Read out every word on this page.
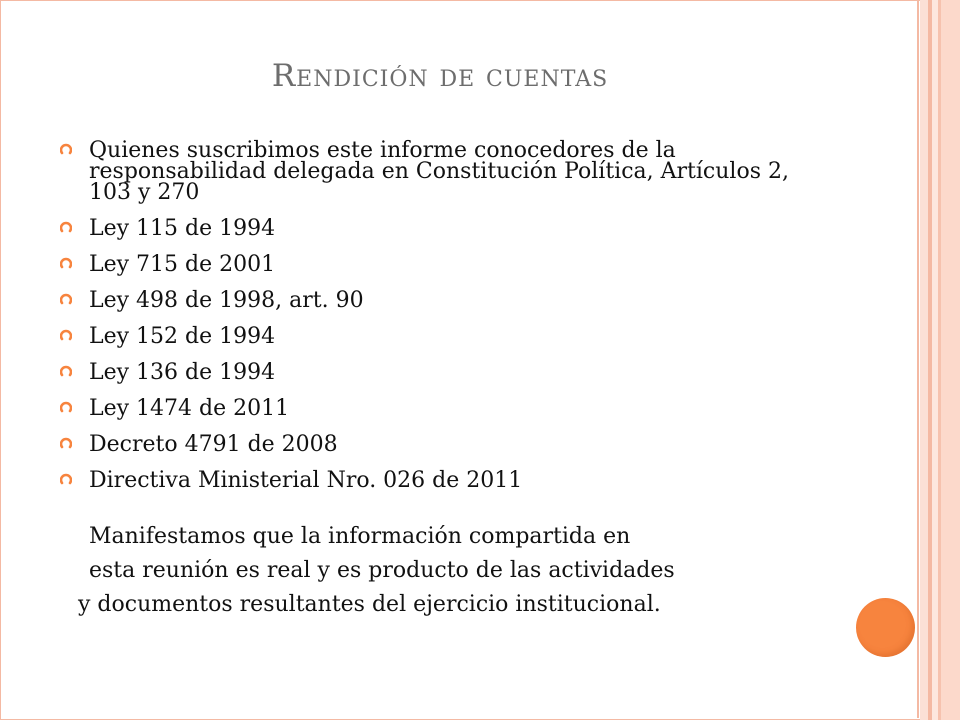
Rendición de cuentas
Quienes suscribimos este informe conocedores de la responsabilidad delegada en Constitución Política, Artículos 2, 103 y 270
Ley 115 de 1994
Ley 715 de 2001
Ley 498 de 1998, art. 90
Ley 152 de 1994
Ley 136 de 1994
Ley 1474 de 2011
Decreto 4791 de 2008
Directiva Ministerial Nro. 026 de 2011

Manifestamos que la información compartida en
esta reunión es real y es producto de las actividades
y documentos resultantes del ejercicio institucional.
